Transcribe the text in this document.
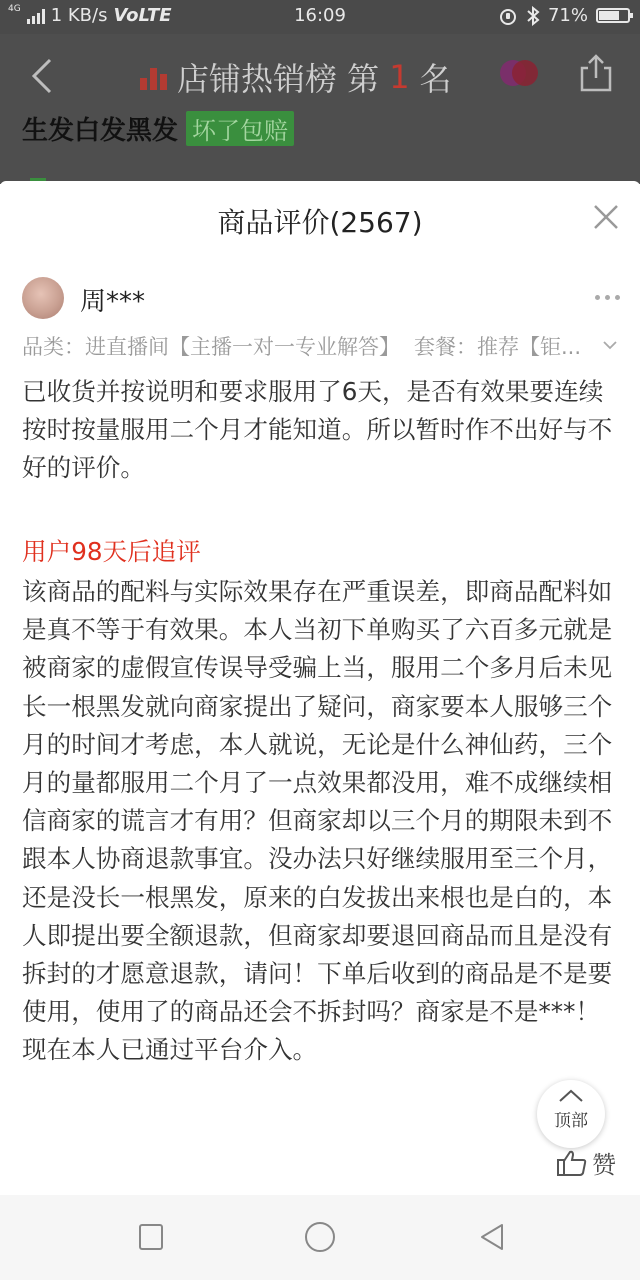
4G 1 KB/s VoLTE	16:09	71%
店铺热销榜 第 1 名
生发白发黑发 坏了包赔
商品评价(2567)
周***
品类：进直播间【主播一对一专业解答】 套餐：推荐【钜...
已收货并按说明和要求服用了6天，是否有效果要连续按时按量服用二个月才能知道。所以暂时作不出好与不好的评价。
用户98天后追评
该商品的配料与实际效果存在严重误差，即商品配料如是真不等于有效果。本人当初下单购买了六百多元就是被商家的虚假宣传误导受骗上当，服用二个多月后未见长一根黑发就向商家提出了疑问，商家要本人服够三个月的时间才考虑，本人就说，无论是什么神仙药，三个月的量都服用二个月了一点效果都没用，难不成继续相信商家的谎言才有用？但商家却以三个月的期限未到不跟本人协商退款事宜。没办法只好继续服用至三个月，还是没长一根黑发，原来的白发拔出来根也是白的，本人即提出要全额退款，但商家却要退回商品而且是没有拆封的才愿意退款，请问！下单后收到的商品是不是要使用，使用了的商品还会不拆封吗？商家是不是***！现在本人已通过平台介入。
顶部
赞
